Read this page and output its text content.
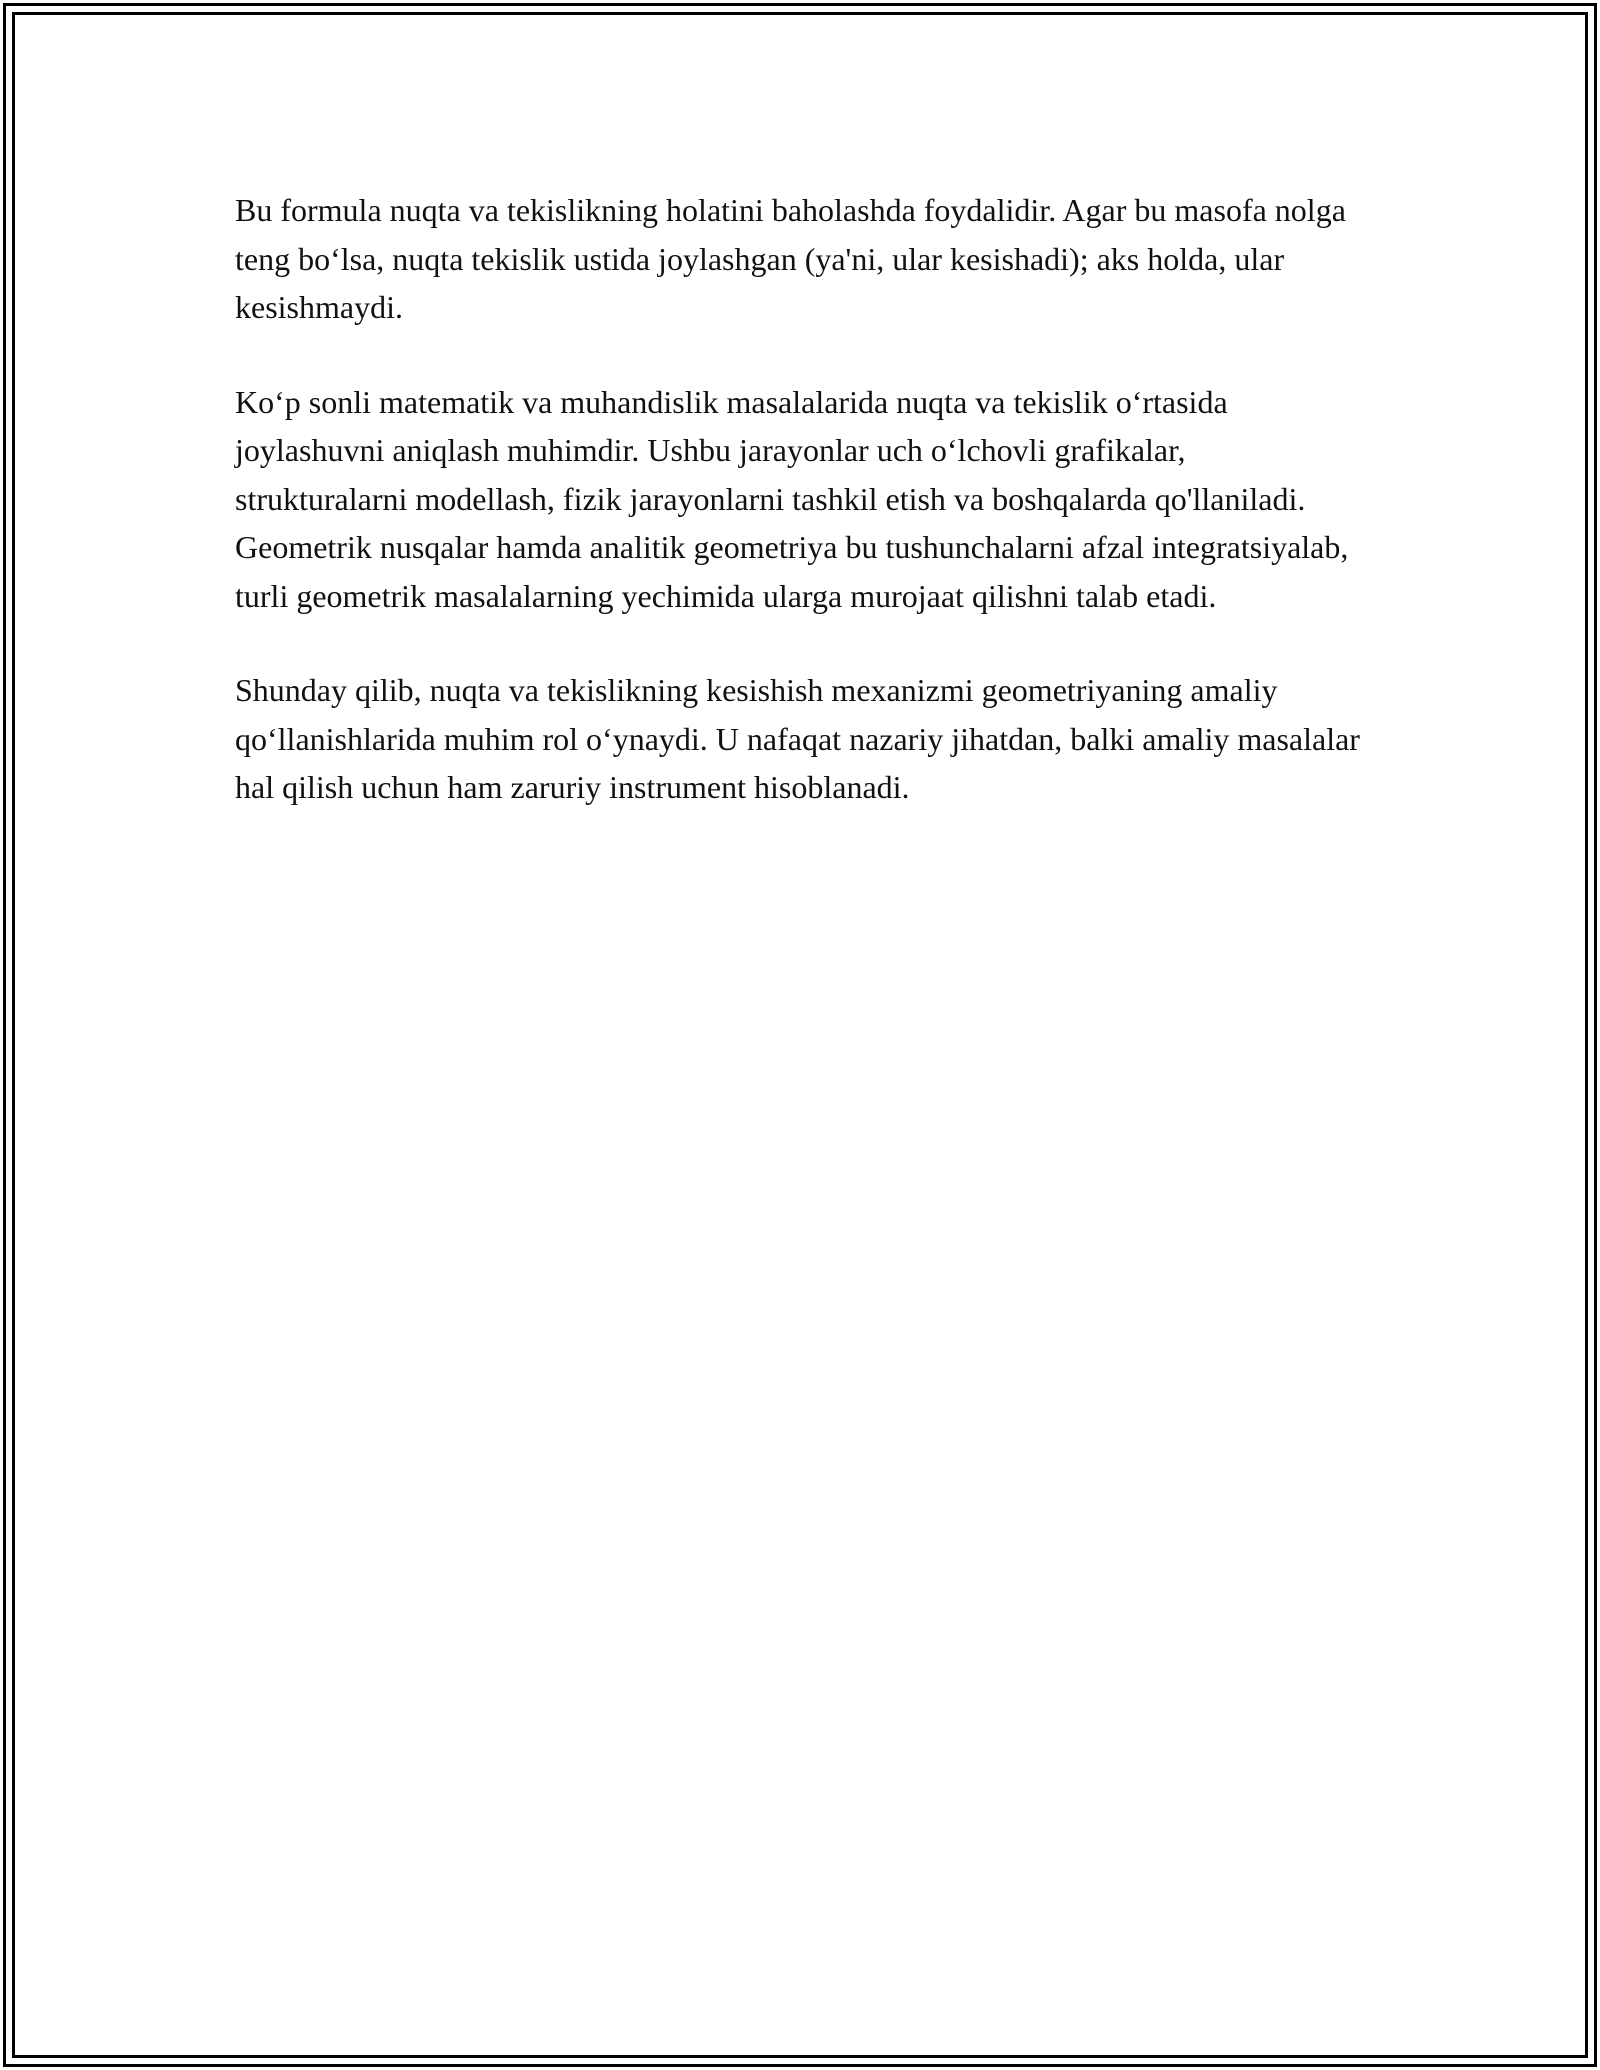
Bu formula nuqta va tekislikning holatini baholashda foydalidir. Agar bu masofa nolga teng bo‘lsa, nuqta tekislik ustida joylashgan (ya'ni, ular kesishadi); aks holda, ular kesishmaydi.

Ko‘p sonli matematik va muhandislik masalalarida nuqta va tekislik o‘rtasida joylashuvni aniqlash muhimdir. Ushbu jarayonlar uch o‘lchovli grafikalar, strukturalarni modellash, fizik jarayonlarni tashkil etish va boshqalarda qo'llaniladi. Geometrik nusqalar hamda analitik geometriya bu tushunchalarni afzal integratsiyalab, turli geometrik masalalarning yechimida ularga murojaat qilishni talab etadi.

Shunday qilib, nuqta va tekislikning kesishish mexanizmi geometriyaning amaliy qo‘llanishlarida muhim rol o‘ynaydi. U nafaqat nazariy jihatdan, balki amaliy masalalar hal qilish uchun ham zaruriy instrument hisoblanadi.
